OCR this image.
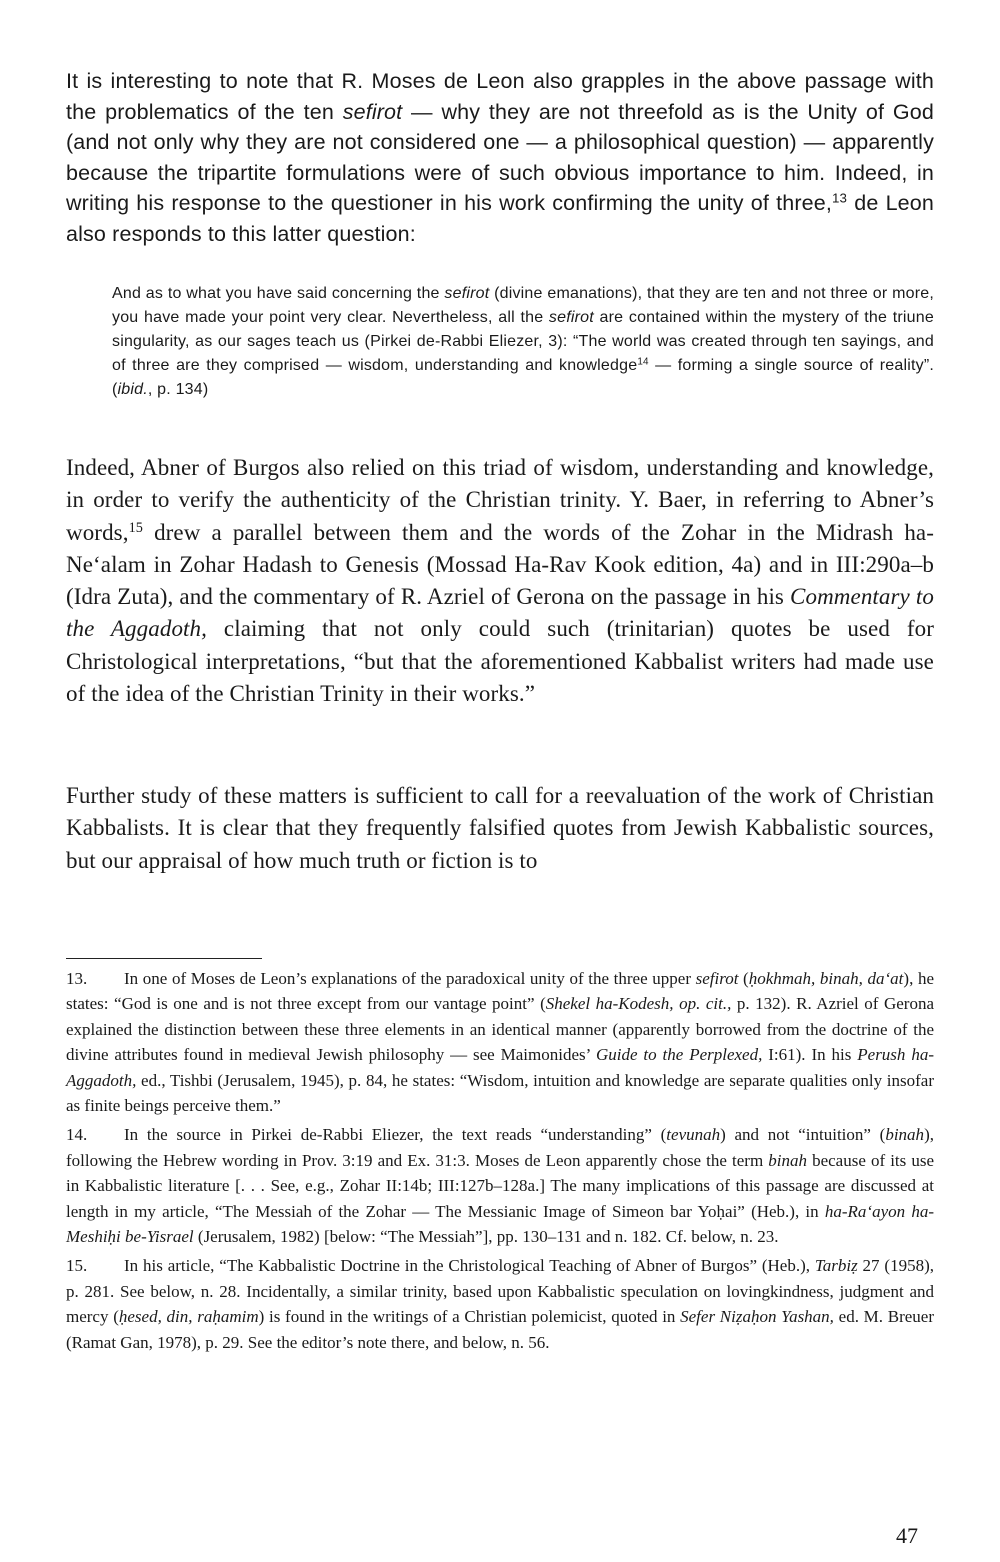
It is interesting to note that R. Moses de Leon also grapples in the above passage with the problematics of the ten sefirot — why they are not threefold as is the Unity of God (and not only why they are not considered one — a philosophical question) — apparently because the tripartite formulations were of such obvious importance to him. Indeed, in writing his response to the questioner in his work confirming the unity of three,$^{13}$ de Leon also responds to this latter question:

And as to what you have said concerning the sefirot (divine emanations), that they are ten and not three or more, you have made your point very clear. Nevertheless, all the sefirot are contained within the mystery of the triune singularity, as our sages teach us (Pirkei de-Rabbi Eliezer, 3): “The world was created through ten sayings, and of three are they comprised — wisdom, understanding and knowledge$^{14}$ — forming a single source of reality”. (ibid., p. 134)

Indeed, Abner of Burgos also relied on this triad of wisdom, understanding and knowledge, in order to verify the authenticity of the Christian trinity. Y. Baer, in referring to Abner’s words,$^{15}$ drew a parallel between them and the words of the Zohar in the Midrash ha-Ne‘alam in Zohar Hadash to Genesis (Mossad Ha-Rav Kook edition, 4a) and in III:290a–b (Idra Zuta), and the commentary of R. Azriel of Gerona on the passage in his Commentary to the Aggadoth, claiming that not only could such (trinitarian) quotes be used for Christological interpretations, “but that the aforementioned Kabbalist writers had made use of the idea of the Christian Trinity in their works.”

Further study of these matters is sufficient to call for a reevaluation of the work of Christian Kabbalists. It is clear that they frequently falsified quotes from Jewish Kabbalistic sources, but our appraisal of how much truth or fiction is to

13. In one of Moses de Leon’s explanations of the paradoxical unity of the three upper sefirot (ḥokhmah, binah, da‘at), he states: “God is one and is not three except from our vantage point” (Shekel ha-Kodesh, op. cit., p. 132). R. Azriel of Gerona explained the distinction between these three elements in an identical manner (apparently borrowed from the doctrine of the divine attributes found in medieval Jewish philosophy — see Maimonides’ Guide to the Perplexed, I:61). In his Perush ha-Aggadoth, ed., Tishbi (Jerusalem, 1945), p. 84, he states: “Wisdom, intuition and knowledge are separate qualities only insofar as finite beings perceive them.”

14. In the source in Pirkei de-Rabbi Eliezer, the text reads “understanding” (tevunah) and not “intuition” (binah), following the Hebrew wording in Prov. 3:19 and Ex. 31:3. Moses de Leon apparently chose the term binah because of its use in Kabbalistic literature [. . . See, e.g., Zohar II:14b; III:127b–128a.] The many implications of this passage are discussed at length in my article, “The Messiah of the Zohar — The Messianic Image of Simeon bar Yoḥai” (Heb.), in ha-Ra‘ayon ha-Meshiḥi be-Yisrael (Jerusalem, 1982) [below: “The Messiah”], pp. 130–131 and n. 182. Cf. below, n. 23.

15. In his article, “The Kabbalistic Doctrine in the Christological Teaching of Abner of Burgos” (Heb.), Tarbiẓ 27 (1958), p. 281. See below, n. 28. Incidentally, a similar trinity, based upon Kabbalistic speculation on lovingkindness, judgment and mercy (ḥesed, din, raḥamim) is found in the writings of a Christian polemicist, quoted in Sefer Niẓaḥon Yashan, ed. M. Breuer (Ramat Gan, 1978), p. 29. See the editor’s note there, and below, n. 56.

47
